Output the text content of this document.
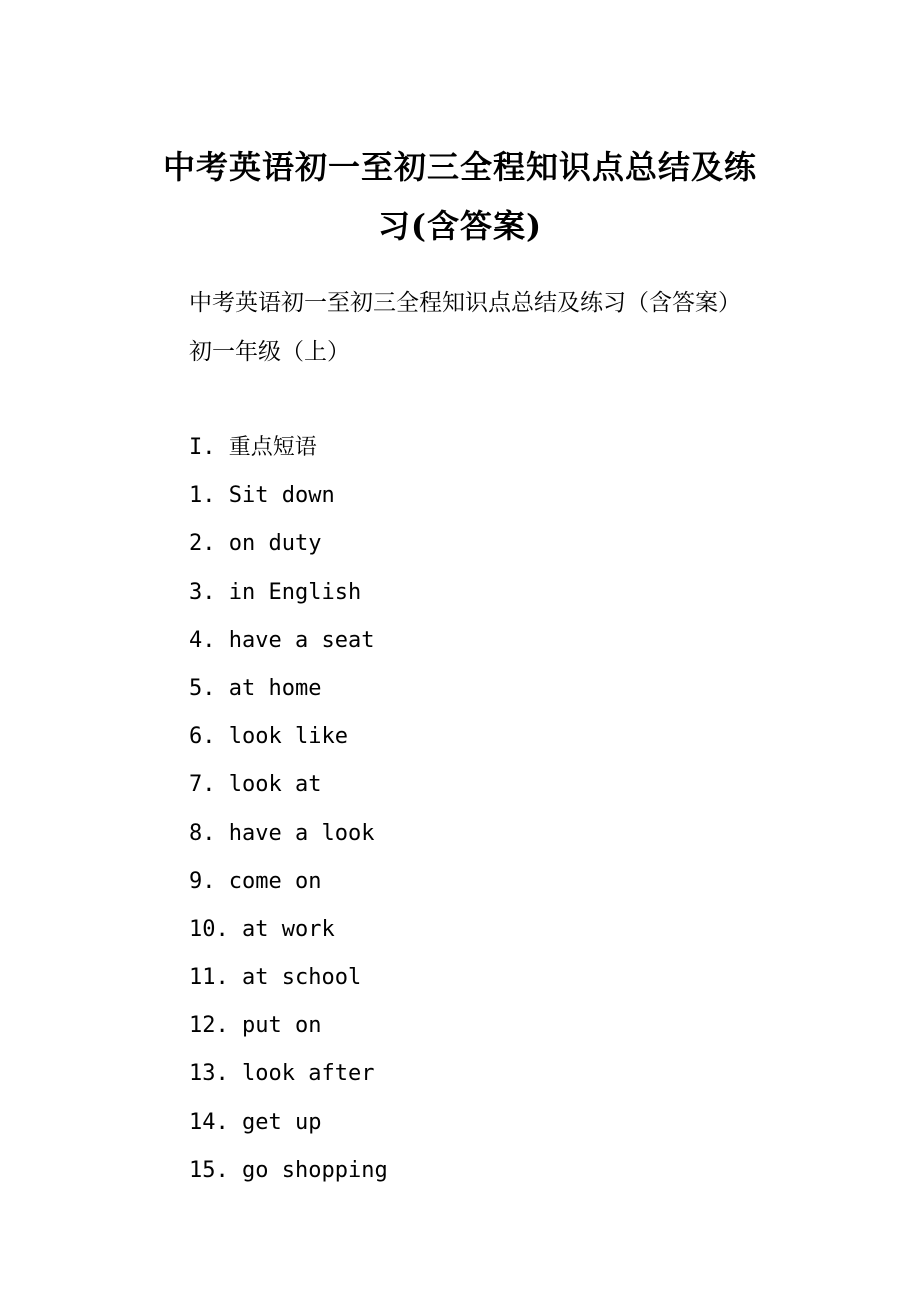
中考英语初一至初三全程知识点总结及练
习(含答案)

中考英语初一至初三全程知识点总结及练习（含答案）

初一年级（上）

I. 重点短语
1. Sit down
2. on duty
3. in English
4. have a seat
5. at home
6. look like
7. look at
8. have a look
9. come on
10. at work
11. at school
12. put on
13. look after
14. get up
15. go shopping
